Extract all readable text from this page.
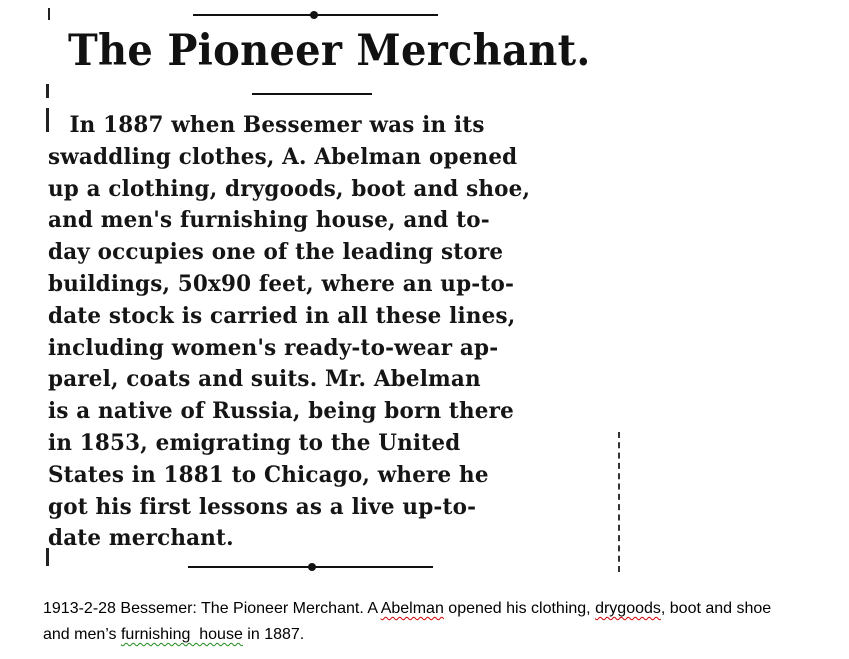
The Pioneer Merchant.
In 1887 when Bessemer was in its
swaddling clothes, A. Abelman opened
up a clothing, drygoods, boot and shoe,
and men's furnishing house, and to-
day occupies one of the leading store
buildings, 50x90 feet, where an up-to-
date stock is carried in all these lines,
including women's ready-to-wear ap-
parel, coats and suits. Mr. Abelman
is a native of Russia, being born there
in 1853, emigrating to the United
States in 1881 to Chicago, where he
got his first lessons as a live up-to-
date merchant.
1913-2-28 Bessemer: The Pioneer Merchant. A Abelman opened his clothing, drygoods, boot and shoe
and men’s furnishing  house in 1887.
